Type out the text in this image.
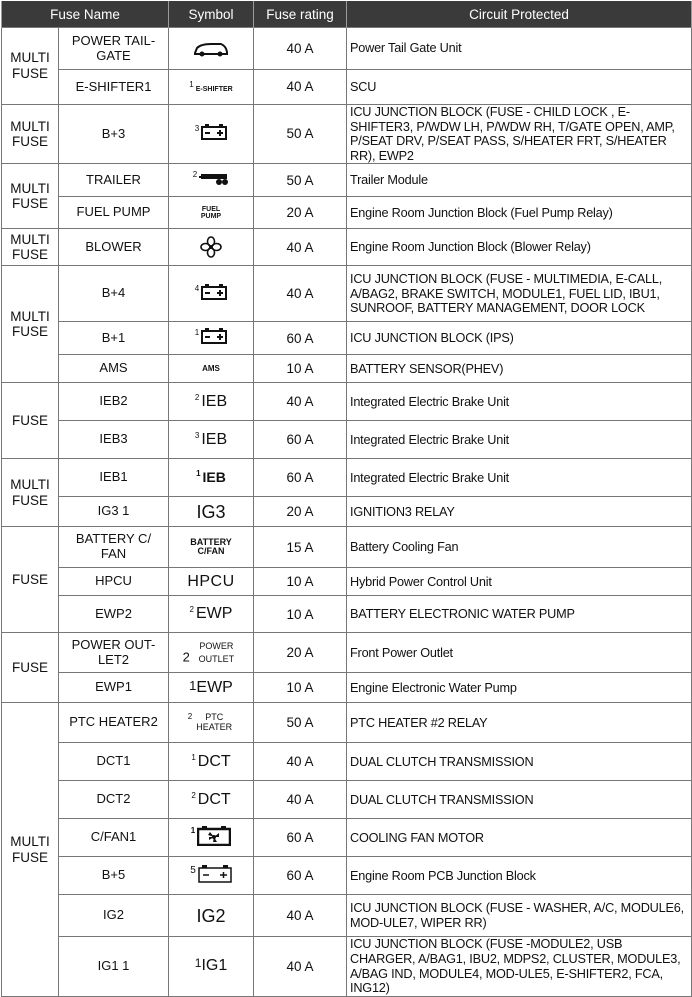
Fuse Name		Symbol	Fuse rating	Circuit Protected
MULTI FUSE	POWER TAIL-GATE		40 A	Power Tail Gate Unit
	E-SHIFTER1	$^1$E-SHIFTER	40 A	SCU
MULTI FUSE	B+3	$^3$	50 A	ICU JUNCTION BLOCK (FUSE - CHILD LOCK , E-SHIFTER3, P/WDW LH, P/WDW RH, T/GATE OPEN, AMP, P/SEAT DRV, P/SEAT PASS, S/HEATER FRT, S/HEATER RR), EWP2
MULTI FUSE	TRAILER	$^2$	50 A	Trailer Module
	FUEL PUMP	FUEL PUMP	20 A	Engine Room Junction Block (Fuel Pump Relay)
MULTI FUSE	BLOWER		40 A	Engine Room Junction Block (Blower Relay)
MULTI FUSE	B+4	$^4$	40 A	ICU JUNCTION BLOCK (FUSE - MULTIMEDIA, E-CALL, A/BAG2, BRAKE SWITCH, MODULE1, FUEL LID, IBU1, SUNROOF, BATTERY MANAGEMENT, DOOR LOCK
	B+1	$^1$	60 A	ICU JUNCTION BLOCK (IPS)
	AMS	AMS	10 A	BATTERY SENSOR(PHEV)
FUSE	IEB2	$^2$ IEB	40 A	Integrated Electric Brake Unit
	IEB3	$^3$ IEB	60 A	Integrated Electric Brake Unit
MULTI FUSE	IEB1	$^1$ IEB	60 A	Integrated Electric Brake Unit
	IG3 1	IG3	20 A	IGNITION3 RELAY
FUSE	BATTERY C/ FAN	BATTERY C/FAN	15 A	Battery Cooling Fan
	HPCU	HPCU	10 A	Hybrid Power Control Unit
	EWP2	$^2$ EWP	10 A	BATTERY ELECTRONIC WATER PUMP
FUSE	POWER OUT-LET2	2 POWER OUTLET	20 A	Front Power Outlet
	EWP1	1EWP	10 A	Engine Electronic Water Pump
MULTI FUSE	PTC HEATER2	$^2$ PTC HEATER	50 A	PTC HEATER #2 RELAY
	DCT1	$^1$ DCT	40 A	DUAL CLUTCH TRANSMISSION
	DCT2	$^2$ DCT	40 A	DUAL CLUTCH TRANSMISSION
	C/FAN1	$^1$	60 A	COOLING FAN MOTOR
	B+5	$^5$	60 A	Engine Room PCB Junction Block
	IG2	IG2	40 A	ICU JUNCTION BLOCK (FUSE - WASHER, A/C, MODULE6, MOD-ULE7, WIPER RR)
	IG1 1	1IG1	40 A	ICU JUNCTION BLOCK (FUSE -MODULE2, USB CHARGER, A/BAG1, IBU2, MDPS2, CLUSTER, MODULE3, A/BAG IND, MODULE4, MOD-ULE5, E-SHIFTER2, FCA, ING12)
